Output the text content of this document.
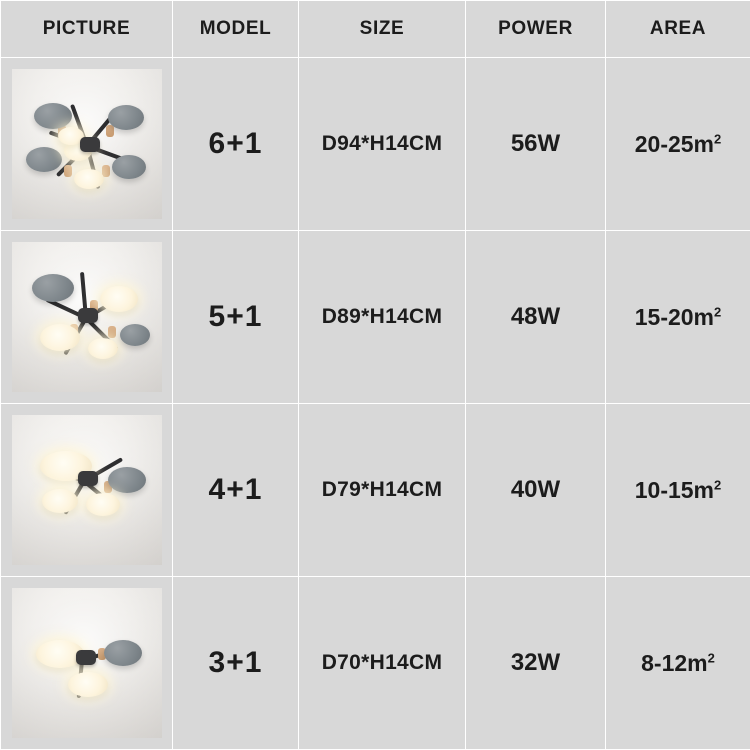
PICTURE	MODEL	SIZE	POWER	AREA

	6+1	D94*H14CM	56W	$20-25m^2$

	5+1	D89*H14CM	48W	$15-20m^2$

	4+1	D79*H14CM	40W	$10-15m^2$

	3+1	D70*H14CM	32W	$8-12m^2$
